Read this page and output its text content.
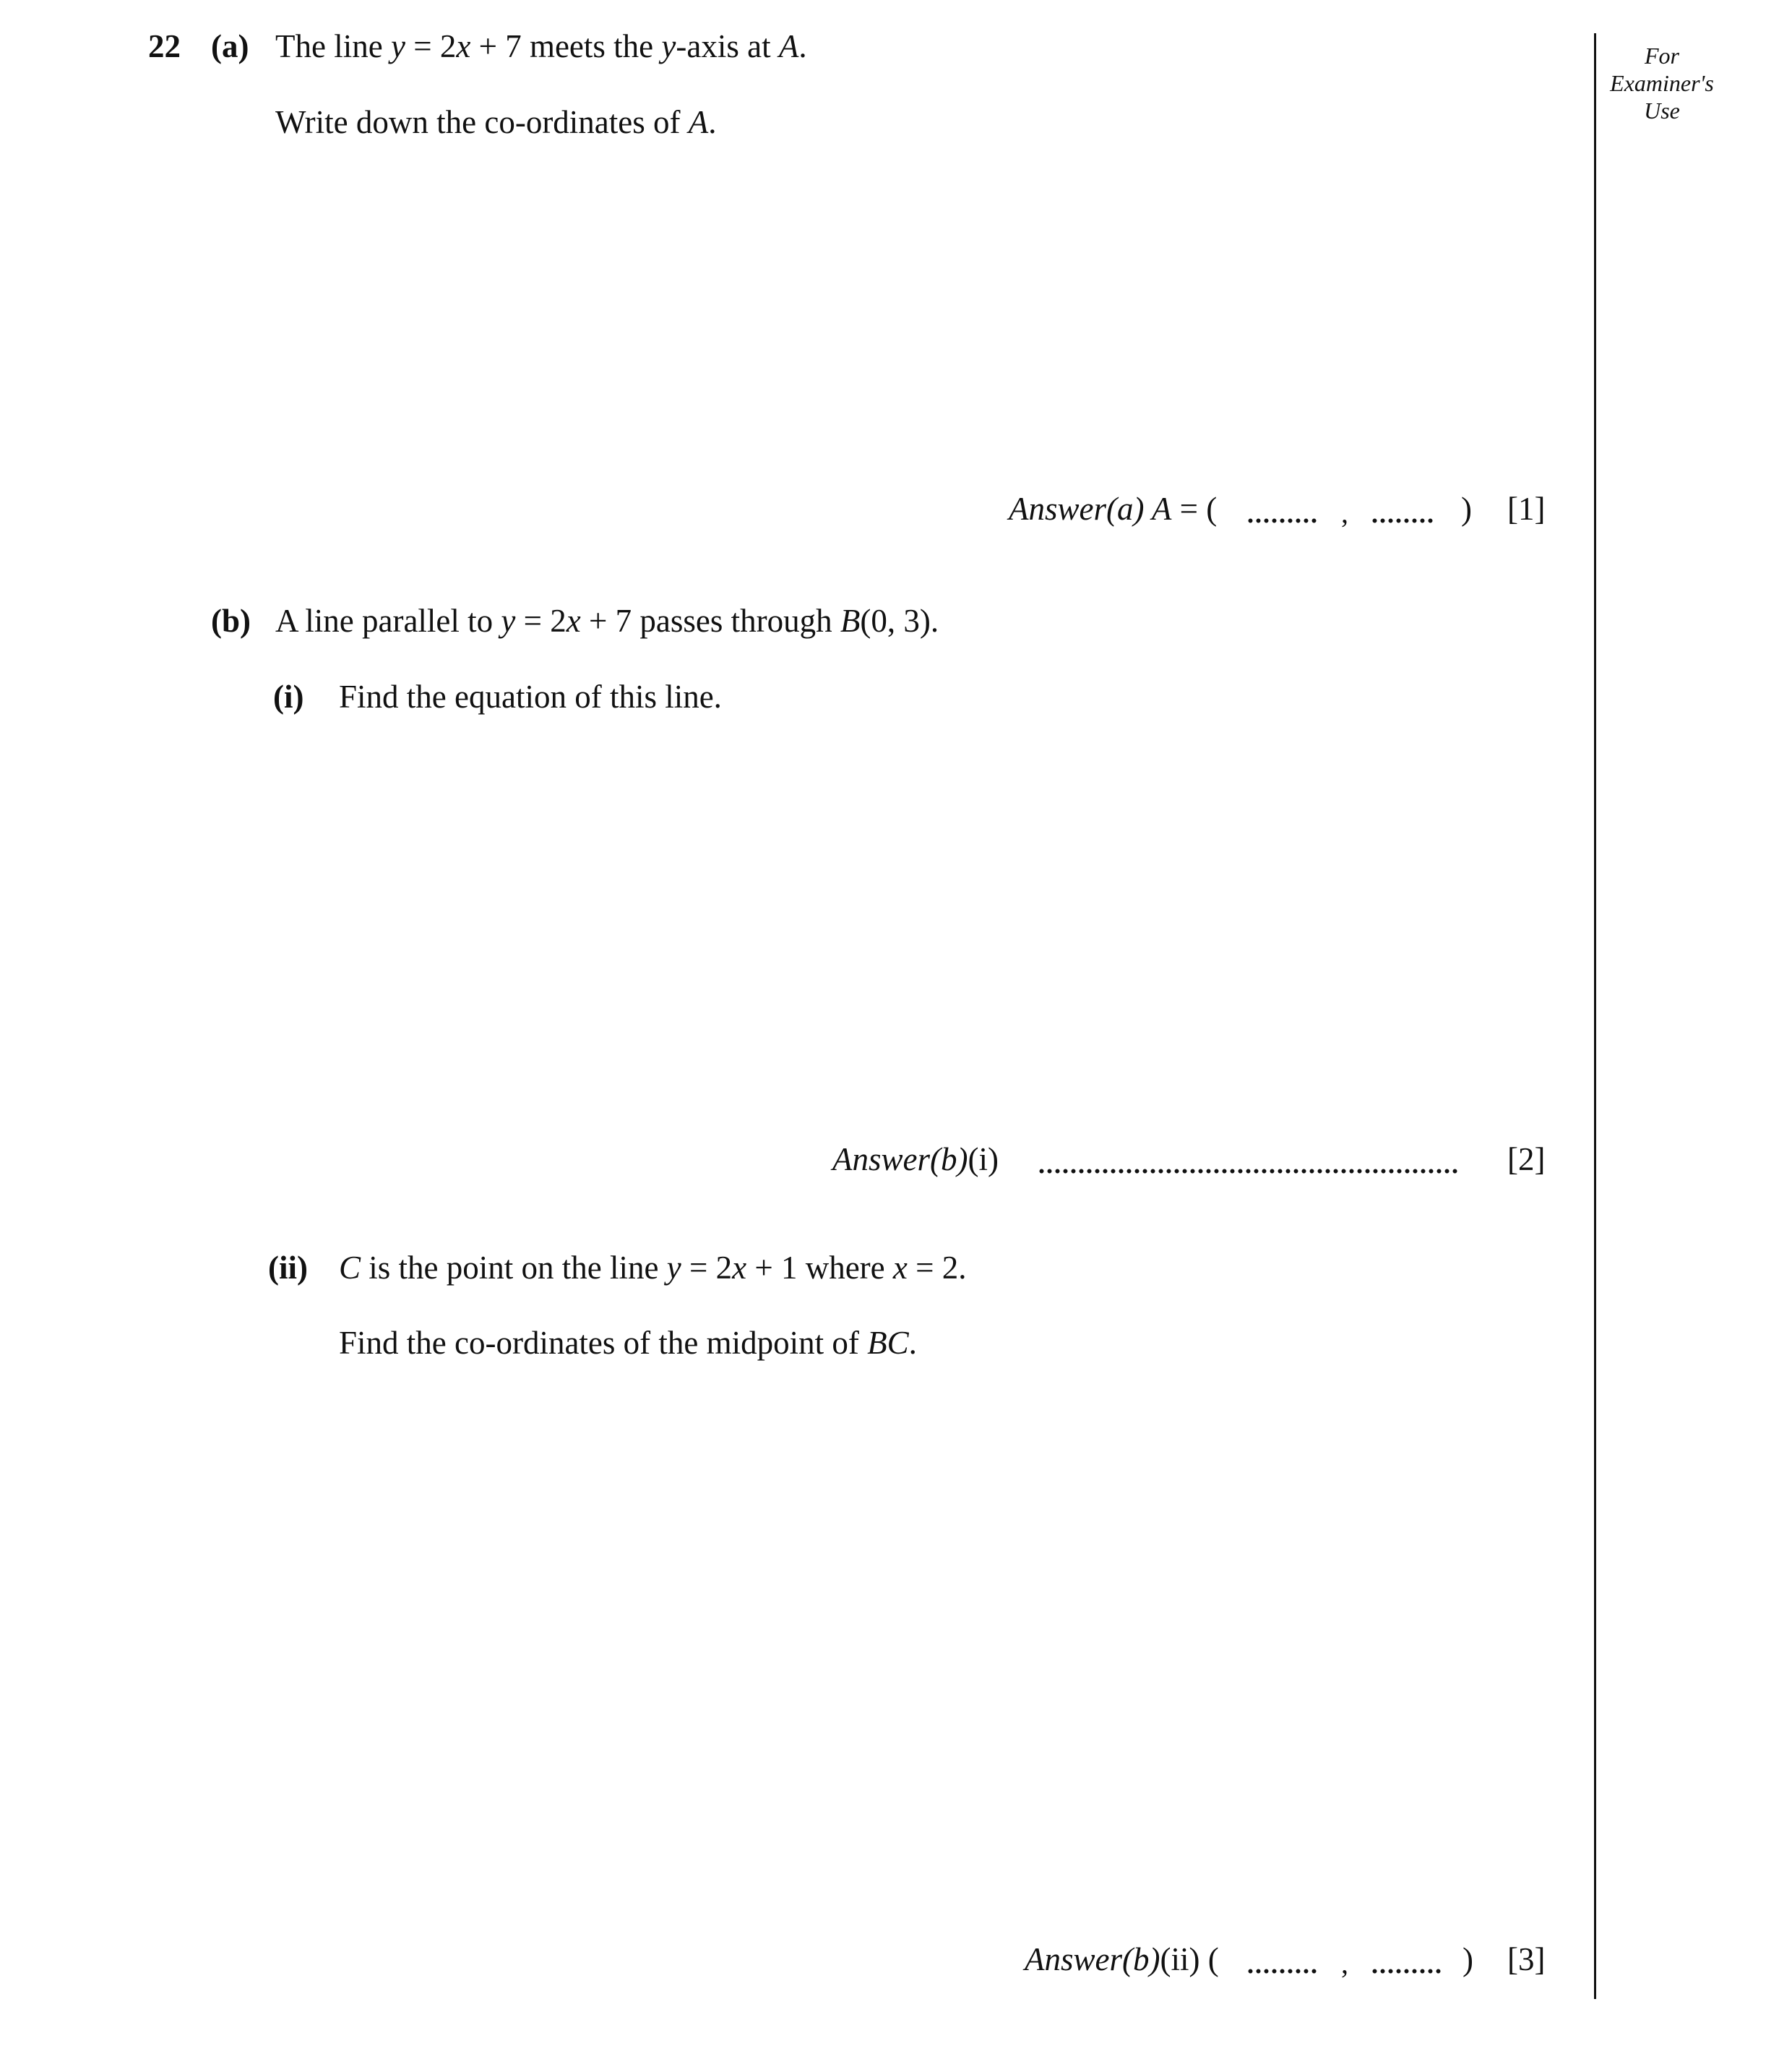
For
Examiner's
Use
22 (a) The line y = 2x + 7 meets the y-axis at A.
Write down the co-ordinates of A.
Answer(a) A = (	,	) [1]
(b) A line parallel to y = 2x + 7 passes through B(0, 3).
(i) Find the equation of this line.
Answer(b)(i)	[2]
(ii) C is the point on the line y = 2x + 1 where x = 2.
Find the co-ordinates of the midpoint of BC.
Answer(b)(ii) (	,	) [3]
